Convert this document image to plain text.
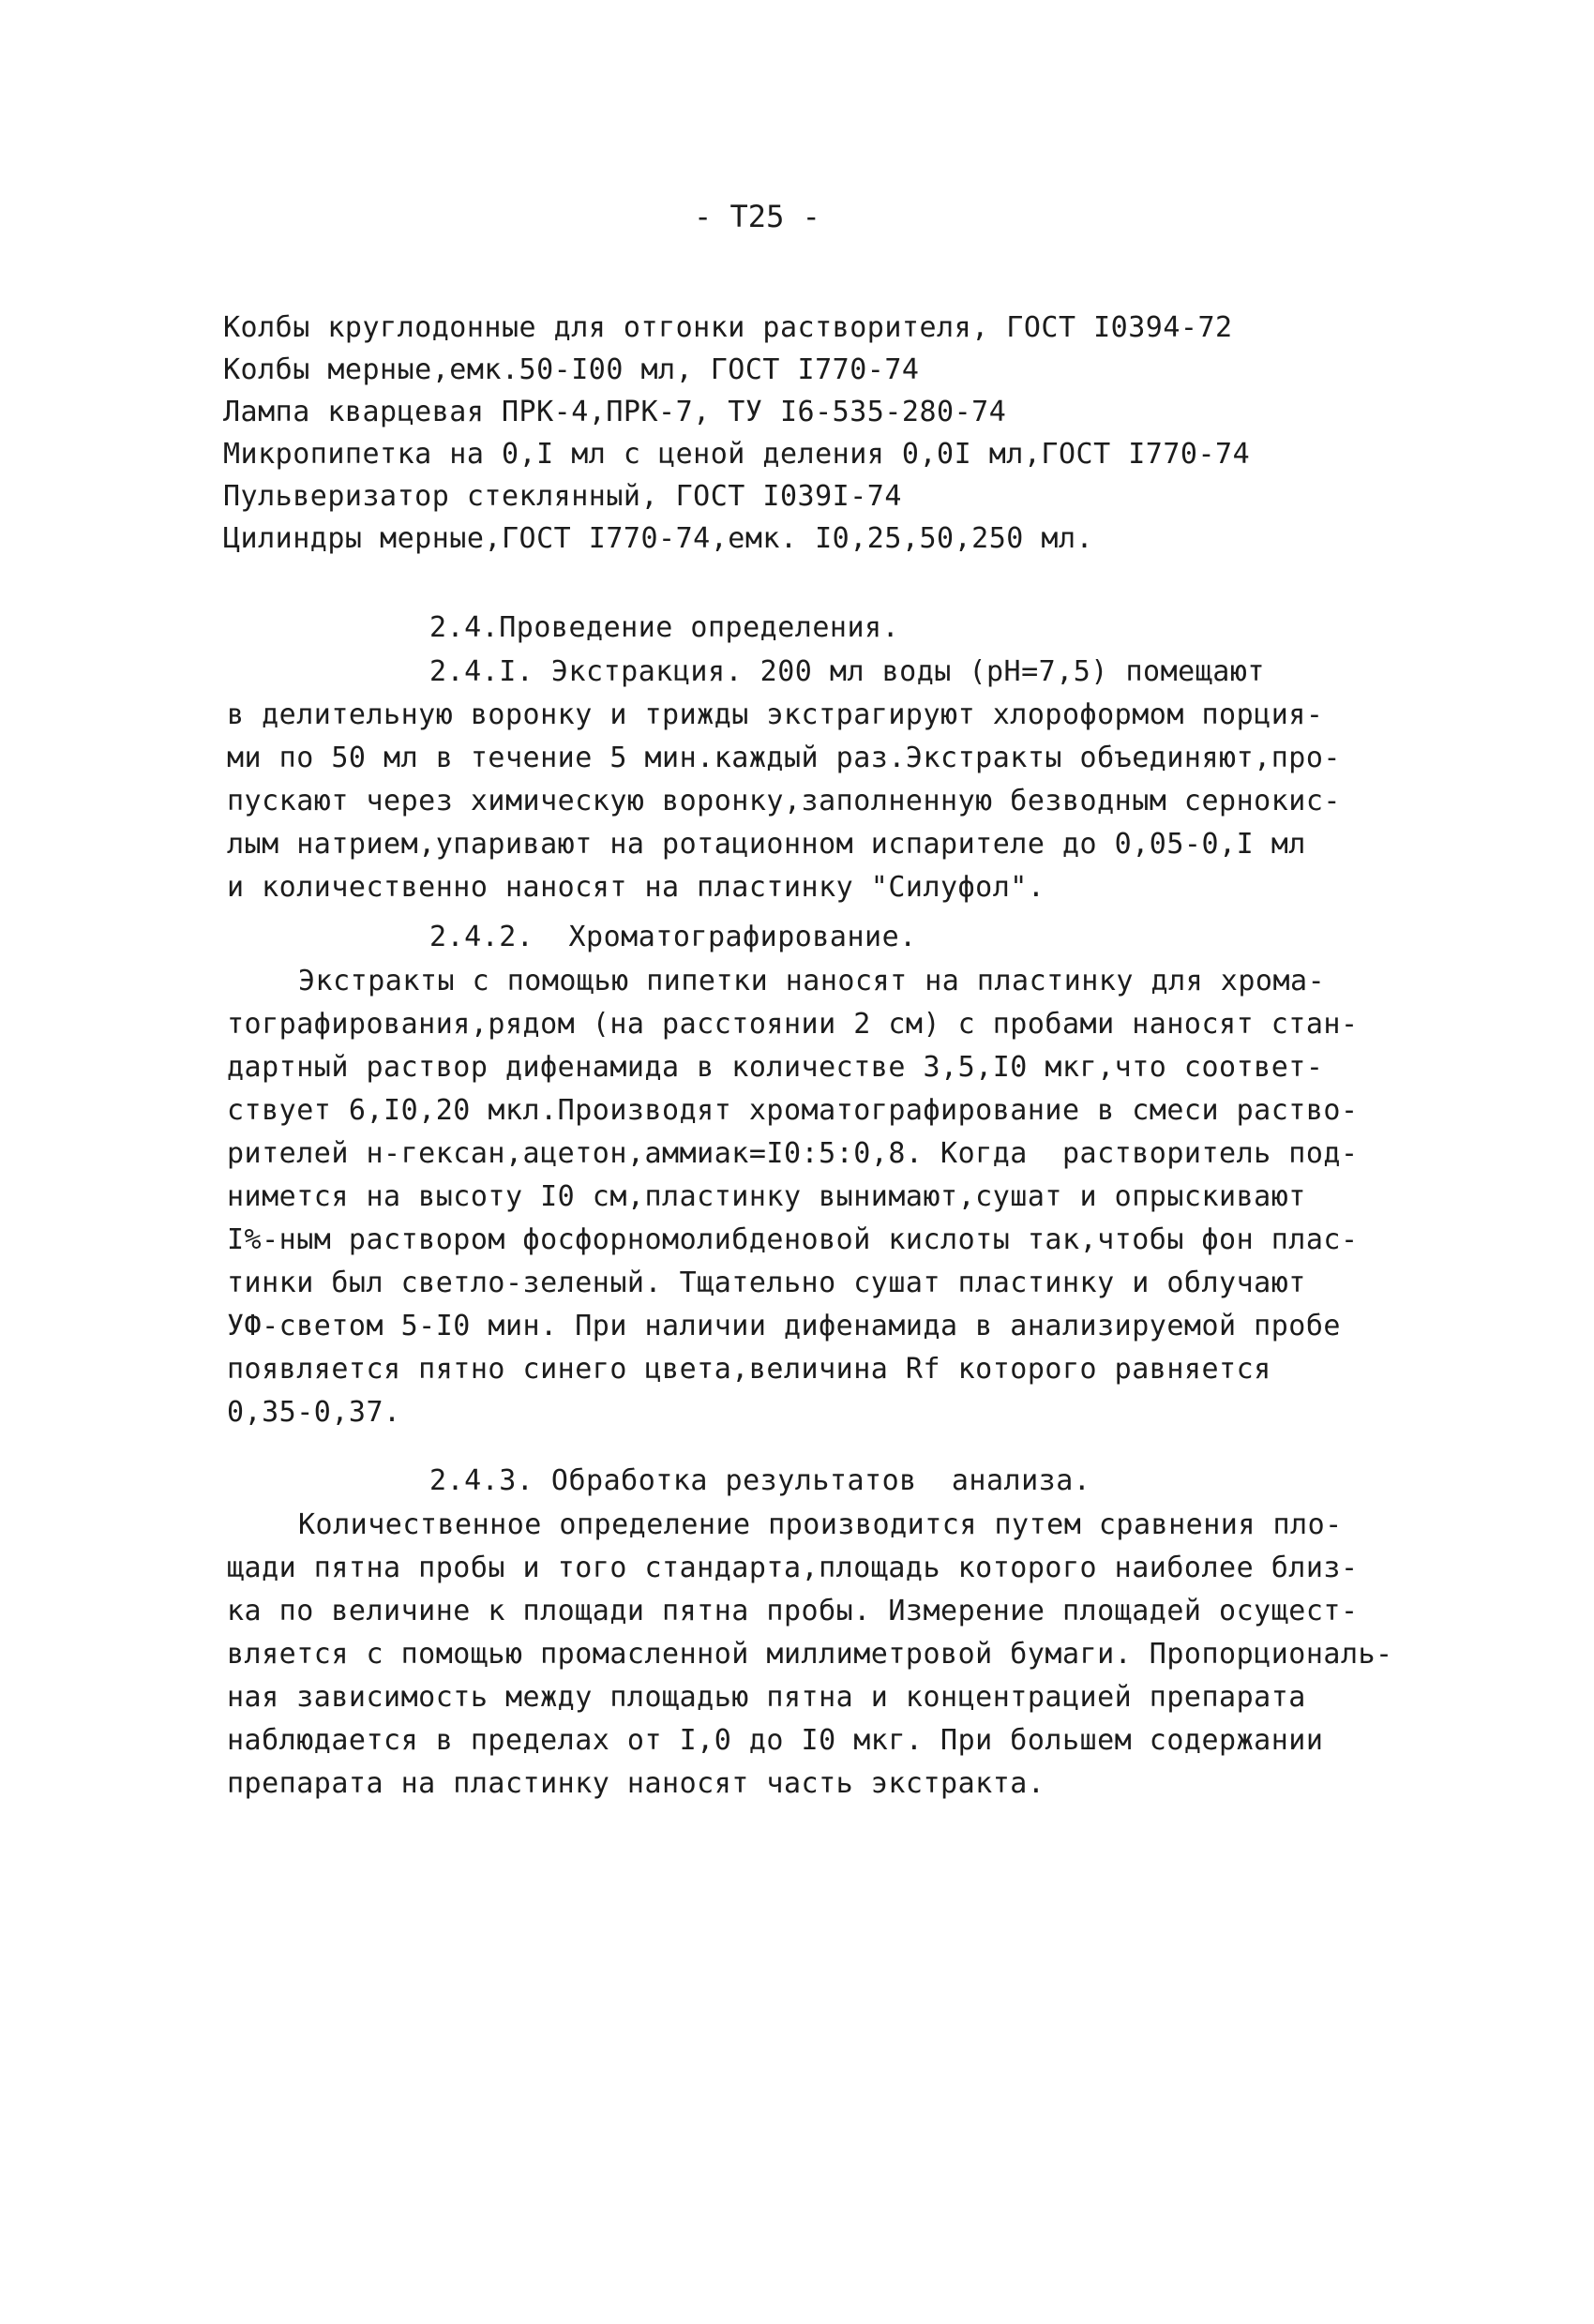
- Т25 -
Колбы круглодонные для отгонки растворителя, ГОСТ I0394-72
Колбы мерные,емк.50-I00 мл, ГОСТ I770-74
Лампа кварцевая ПРК-4,ПРК-7, ТУ I6-535-280-74
Микропипетка на 0,I мл с ценой деления 0,0I мл,ГОСТ I770-74
Пульверизатор стеклянный, ГОСТ I039I-74
Цилиндры мерные,ГОСТ I770-74,емк. I0,25,50,250 мл.
2.4.Проведение определения.
2.4.I. Экстракция. 200 мл воды (рН=7,5) помещают
в делительную воронку и трижды экстрагируют хлороформом порция-
ми по 50 мл в течение 5 мин.каждый раз.Экстракты объединяют,про-
пускают через химическую воронку,заполненную безводным сернокис-
лым натрием,упаривают на ротационном испарителе до 0,05-0,I мл
и количественно наносят на пластинку "Силуфол".
2.4.2.  Хроматографирование.
Экстракты с помощью пипетки наносят на пластинку для хрома-
тографирования,рядом (на расстоянии 2 см) с пробами наносят стан-
дартный раствор дифенамида в количестве 3,5,I0 мкг,что соответ-
ствует 6,I0,20 мкл.Производят хроматографирование в смеси раство-
рителей н-гексан,ацетон,аммиак=I0:5:0,8. Когда  растворитель под-
нимется на высоту I0 см,пластинку вынимают,сушат и опрыскивают
I%-ным раствором фосфорномолибденовой кислоты так,чтобы фон плас-
тинки был светло-зеленый. Тщательно сушат пластинку и облучают
УФ-светом 5-I0 мин. При наличии дифенамида в анализируемой пробе
появляется пятно синего цвета,величина Rf которого равняется
0,35-0,37.
2.4.3. Обработка результатов  анализа.
Количественное определение производится путем сравнения пло-
щади пятна пробы и того стандарта,площадь которого наиболее близ-
ка по величине к площади пятна пробы. Измерение площадей осущест-
вляется с помощью промасленной миллиметровой бумаги. Пропорциональ-
ная зависимость между площадью пятна и концентрацией препарата
наблюдается в пределах от I,0 до I0 мкг. При большем содержании
препарата на пластинку наносят часть экстракта.
